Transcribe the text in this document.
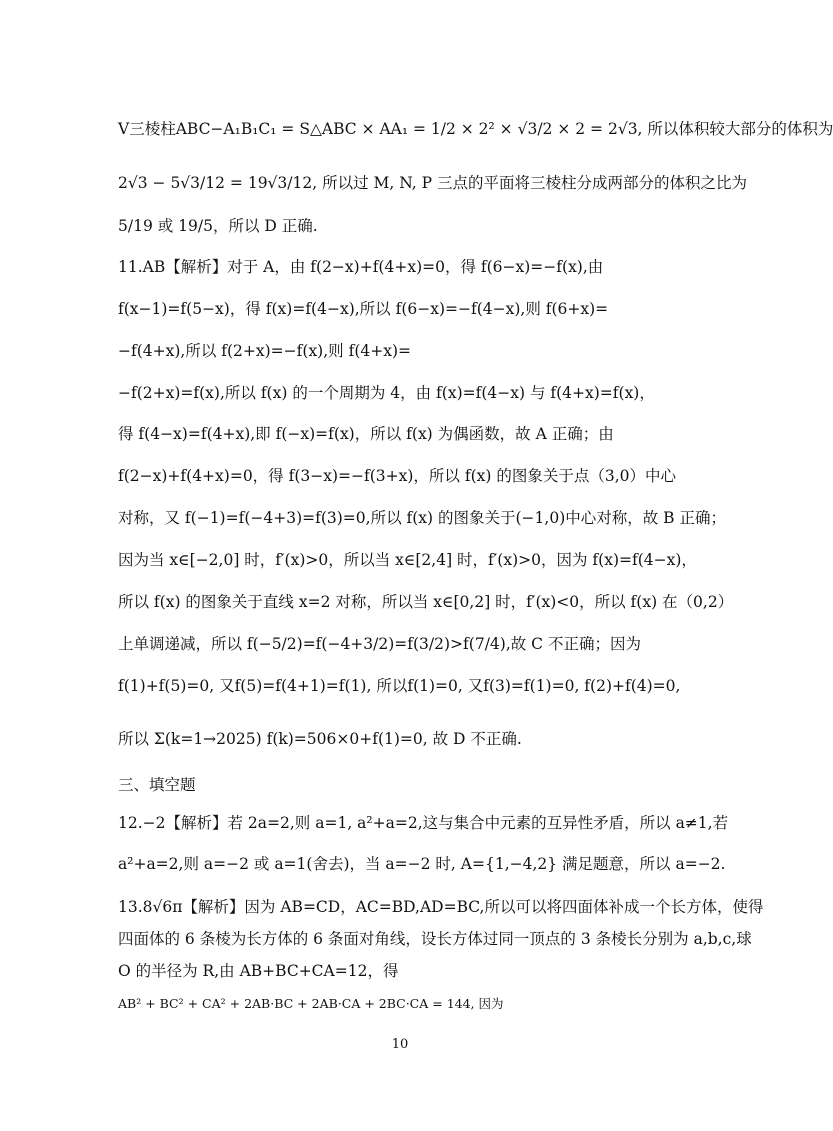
V三棱柱ABC−A₁B₁C₁ = S△ABC × AA₁ = 1/2 × 2² × √3/2 × 2 = 2√3, 所以体积较大部分的体积为
2√3 − 5√3/12 = 19√3/12, 所以过 M, N, P 三点的平面将三棱柱分成两部分的体积之比为
5/19 或 19/5，所以 D 正确.
11.AB【解析】对于 A，由 f(2−x)+f(4+x)=0，得 f(6−x)=−f(x),由
f(x−1)=f(5−x)，得 f(x)=f(4−x),所以 f(6−x)=−f(4−x),则 f(6+x)=
−f(4+x),所以 f(2+x)=−f(x),则 f(4+x)=
−f(2+x)=f(x),所以 f(x) 的一个周期为 4，由 f(x)=f(4−x) 与 f(4+x)=f(x)，
得 f(4−x)=f(4+x),即 f(−x)=f(x)，所以 f(x) 为偶函数，故 A 正确；由
f(2−x)+f(4+x)=0，得 f(3−x)=−f(3+x)，所以 f(x) 的图象关于点（3,0）中心
对称，又 f(−1)=f(−4+3)=f(3)=0,所以 f(x) 的图象关于(−1,0)中心对称，故 B 正确；
因为当 x∈[−2,0] 时，f′(x)>0，所以当 x∈[2,4] 时，f′(x)>0，因为 f(x)=f(4−x)，
所以 f(x) 的图象关于直线 x=2 对称，所以当 x∈[0,2] 时，f′(x)<0，所以 f(x) 在（0,2）
上单调递减，所以 f(−5/2)=f(−4+3/2)=f(3/2)>f(7/4),故 C 不正确；因为
f(1)+f(5)=0, 又f(5)=f(4+1)=f(1), 所以f(1)=0, 又f(3)=f(1)=0, f(2)+f(4)=0,
所以 Σ(k=1→2025) f(k)=506×0+f(1)=0, 故 D 不正确.
三、填空题
12.−2【解析】若 2a=2,则 a=1, a²+a=2,这与集合中元素的互异性矛盾，所以 a≠1,若
a²+a=2,则 a=−2 或 a=1(舍去)，当 a=−2 时, A={1,−4,2} 满足题意，所以 a=−2.
13.8√6π【解析】因为 AB=CD，AC=BD,AD=BC,所以可以将四面体补成一个长方体，使得
四面体的 6 条棱为长方体的 6 条面对角线，设长方体过同一顶点的 3 条棱长分别为 a,b,c,球
O 的半径为 R,由 AB+BC+CA=12，得
AB² + BC² + CA² + 2AB·BC + 2AB·CA + 2BC·CA = 144, 因为
10
